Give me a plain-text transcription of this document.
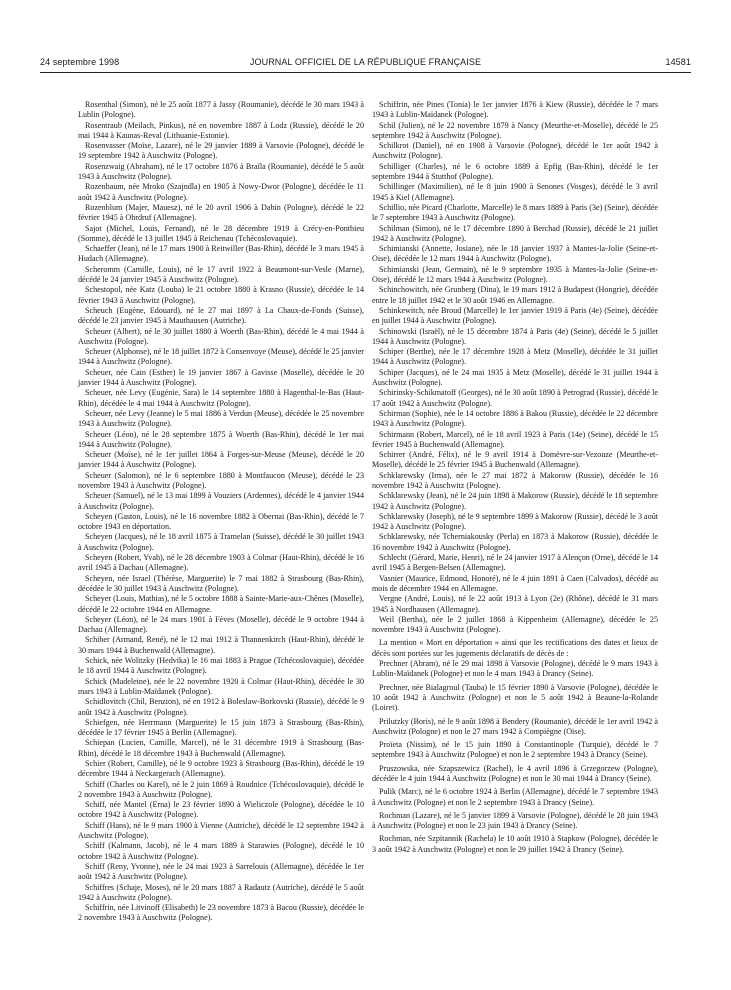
24 septembre 1998	JOURNAL OFFICIEL DE LA RÉPUBLIQUE FRANÇAISE	14581

Rosenthal (Simon), né le 25 août 1877 à Jassy (Roumanie), décédé le 30 mars 1943 à Lublin (Pologne).

Rosentraub (Meilach, Pinkus), né en novembre 1887 à Lodz (Russie), décédé le 20 mai 1944 à Kaunas-Reval (Lithuanie-Estonie).

Rosenvasser (Moïse, Lazare), né le 29 janvier 1889 à Varsovie (Pologne), décédé le 19 septembre 1942 à Auschwitz (Pologne).

Rosenzwaig (Abraham), né le 17 octobre 1876 à Braïla (Roumanie), décédé le 5 août 1943 à Auschwitz (Pologne).

Rozenbaum, née Mroko (Szajndla) en 1905 à Nowy-Dwor (Pologne), décédée le 11 août 1942 à Auschwitz (Pologne).

Rozenblum (Majer, Mauesz), né le 20 avril 1906 à Dabin (Pologne), décédé le 22 février 1945 à Ohrdruf (Allemagne).

Sajot (Michel, Louis, Fernand), né le 28 décembre 1919 à Crécy-en-Ponthieu (Somme), décédé le 13 juillet 1945 à Reichenau (Tchécoslovaquie).

Schaeffer (Jean), né le 17 mars 1900 à Reitwiller (Bas-Rhin), décédé le 3 mars 1945 à Hudach (Allemagne).

Scheromm (Camille, Louis), né le 17 avril 1922 à Beaumont-sur-Vesle (Marne), décédé le 24 janvier 1945 à Auschwitz (Pologne).

Schestopol, née Katz (Louba) le 21 octobre 1880 à Krasno (Russie), décédée le 14 février 1943 à Auschwitz (Pologne).

Scheuch (Eugène, Edouard), né le 27 mai 1897 à La Chaux-de-Fonds (Suisse), décédé le 23 janvier 1945 à Mauthausen (Autriche).

Scheuer (Albert), né le 30 juillet 1880 à Woerth (Bas-Rhin), décédé le 4 mai 1944 à Auschwitz (Pologne).

Scheuer (Alphonse), né le 18 juillet 1872 à Consenvoye (Meuse), décédé le 25 janvier 1944 à Auschwitz (Pologne).

Scheuer, née Cain (Esther) le 19 janvier 1867 à Gavisse (Moselle), décédée le 20 janvier 1944 à Auschwitz (Pologne).

Scheuer, née Levy (Eugénie, Sara) le 14 septembre 1880 à Hagenthal-le-Bas (Haut-Rhin), décédée le 4 mai 1944 à Auschwitz (Pologne).

Scheuer, née Levy (Jeanne) le 5 mai 1886 à Verdun (Meuse), décédée le 25 novembre 1943 à Auschwitz (Pologne).

Scheuer (Léon), né le 28 septembre 1875 à Woerth (Bas-Rhin), décédé le 1er mai 1944 à Auschwitz (Pologne).

Scheuer (Moïse), né le 1er juillet 1864 à Forges-sur-Meuse (Meuse), décédé le 20 janvier 1944 à Auschwitz (Pologne).

Scheuer (Salomon), né le 6 septembre 1880 à Montfaucon (Meuse), décédé le 23 novembre 1943 à Auschwitz (Pologne).

Scheuer (Samuel), né le 13 mai 1899 à Vouziers (Ardennes), décédé le 4 janvier 1944 à Auschwitz (Pologne).

Scheyen (Gaston, Louis), né le 16 novembre 1882 à Obernai (Bas-Rhin), décédé le 7 octobre 1943 en déportation.

Scheyen (Jacques), né le 18 avril 1875 à Tramelan (Suisse), décédé le 30 juillet 1943 à Auschwitz (Pologne).

Scheyen (Robert, Yvah), né le 28 décembre 1903 à Colmar (Haut-Rhin), décédé le 16 avril 1945 à Dachau (Allemagne).

Scheyen, née Israel (Thérèse, Marguerite) le 7 mai 1882 à Strasbourg (Bas-Rhin), décédée le 30 juillet 1943 à Auschwitz (Pologne).

Scheyer (Louis, Mathias), né le 5 octobre 1888 à Sainte-Marie-aux-Chênes (Moselle), décédé le 22 octobre 1944 en Allemagne.

Scheyer (Léon), né le 24 mars 1901 à Fèves (Moselle), décédé le 9 octobre 1944 à Dachau (Allemagne).

Schiber (Armand, René), né le 12 mai 1912 à Thannenkirch (Haut-Rhin), décédé le 30 mars 1944 à Buchenwald (Allemagne).

Schick, née Wolitzky (Hedvika) le 16 mai 1883 à Prague (Tchécoslovaquie), décédée le 18 avril 1944 à Auschwitz (Pologne).

Schick (Madeleine), née le 22 novembre 1920 à Colmar (Haut-Rhin), décédée le 30 mars 1943 à Lublin-Maïdanek (Pologne).

Schidlovitch (Chil, Benzion), né en 1912 à Boleslaw-Borkovski (Russie), décédé le 9 août 1942 à Auschwitz (Pologne).

Schiefgen, née Herrmann (Marguerite) le 15 juin 1873 à Strasbourg (Bas-Rhin), décédée le 17 février 1945 à Berlin (Allemagne).

Schiepan (Lucien, Camille, Marcel), né le 31 décembre 1919 à Strasbourg (Bas-Rhin), décédé le 18 décembre 1943 à Buchenwald (Allemagne).

Schier (Robert, Camille), né le 9 octobre 1923 à Strasbourg (Bas-Rhin), décédé le 19 décembre 1944 à Neckargerach (Allemagne).

Schiff (Charles ou Karel), né le 2 juin 1869 à Roudnice (Tchécoslovaquie), décédé le 2 novembre 1943 à Auschwitz (Pologne).

Schiff, née Mantel (Erna) le 23 février 1890 à Wieliczole (Pologne), décédée le 10 octobre 1942 à Auschwitz (Pologne).

Schiff (Hans), né le 9 mars 1900 à Vienne (Autriche), décédé le 12 septembre 1942 à Auschwitz (Pologne).

Schiff (Kalmann, Jacob), né le 4 mars 1889 à Starawies (Pologne), décédé le 10 octobre 1942 à Auschwitz (Pologne).

Schiff (Reny, Yvonne), née le 24 mai 1923 à Sarrelouis (Allemagne), décédée le 1er août 1942 à Auschwitz (Pologne).

Schiffres (Schaje, Moses), né le 20 mars 1887 à Radautz (Autriche), décédé le 5 août 1942 à Auschwitz (Pologne).

Schiffrin, née Litvinoff (Elisabeth) le 23 novembre 1873 à Bacou (Russie), décédée le 2 novembre 1943 à Auschwitz (Pologne).

Schiffrin, née Pines (Tonia) le 1er janvier 1876 à Kiew (Russie), décédée le 7 mars 1943 à Lublin-Maïdanek (Pologne).

Schil (Julien), né le 22 novembre 1879 à Nancy (Meurthe-et-Moselle), décédé le 25 septembre 1942 à Auschwitz (Pologne).

Schilkrot (Daniel), né en 1908 à Varsovie (Pologne), décédé le 1er août 1942 à Auschwitz (Pologne).

Schilliger (Charles), né le 6 octobre 1889 à Epfig (Bas-Rhin), décédé le 1er septembre 1944 à Stutthof (Pologne).

Schillinger (Maximilien), né le 8 juin 1900 à Senones (Vosges), décédé le 3 avril 1945 à Kiel (Allemagne).

Schillio, née Picard (Charlotte, Marcelle) le 8 mars 1889 à Paris (3e) (Seine), décédée le 7 septembre 1943 à Auschwitz (Pologne).

Schilman (Simon), né le 17 décembre 1890 à Berchad (Russie), décédé le 21 juillet 1942 à Auschwitz (Pologne).

Schimianski (Annette, Josiane), née le 18 janvier 1937 à Mantes-la-Jolie (Seine-et-Oise), décédée le 12 mars 1944 à Auschwitz (Pologne).

Schimianski (Jean, Germain), né le 9 septembre 1935 à Mantes-la-Jolie (Seine-et-Oise), décédé le 12 mars 1944 à Auschwitz (Pologne).

Schinchowitch, née Grunberg (Dina), le 19 mars 1912 à Budapest (Hongrie), décédée entre le 18 juillet 1942 et le 30 août 1946 en Allemagne.

Schinkewitch, née Broud (Marcelle) le 1er janvier 1919 à Paris (4e) (Seine), décédée en juillet 1944 à Auschwitz (Pologne).

Schinowski (Israël), né le 15 décembre 1874 à Paris (4e) (Seine), décédé le 5 juillet 1944 à Auschwitz (Pologne).

Schiper (Berthe), née le 17 décembre 1928 à Metz (Moselle), décédée le 31 juillet 1944 à Auschwitz (Pologne).

Schiper (Jacques), né le 24 mai 1935 à Metz (Moselle), décédé le 31 juillet 1944 à Auschwitz (Pologne).

Schirinsky-Schikmatoff (Georges), né le 30 août 1890 à Petrograd (Russie), décédé le 17 août 1942 à Auschwitz (Pologne).

Schirman (Sophie), née le 14 octobre 1886 à Bakou (Russie), décédée le 22 décembre 1943 à Auschwitz (Pologne).

Schirmann (Robert, Marcel), né le 18 avril 1923 à Paris (14e) (Seine), décédé le 15 février 1945 à Buchenwald (Allemagne).

Schirrer (André, Félix), né le 9 avril 1914 à Domèvre-sur-Vezouze (Meurthe-et-Moselle), décédé le 25 février 1945 à Buchenwald (Allemagne).

Schklarewsky (Irma), née le 27 mai 1872 à Makorow (Russie), décédée le 16 novembre 1942 à Auschwitz (Pologne).

Schklarewsky (Jean), né le 24 juin 1898 à Makorow (Russie), décédé le 18 septembre 1942 à Auschwitz (Pologne).

Schklarewsky (Joseph), né le 9 septembre 1899 à Makorow (Russie), décédé le 3 août 1942 à Auschwitz (Pologne).

Schklarewsky, née Tcherniakousky (Perla) en 1873 à Makorow (Russie), décédée le 16 novembre 1942 à Auschwitz (Pologne).

Schlecht (Gérard, Marie, Henri), né le 24 janvier 1917 à Alençon (Orne), décédé le 14 avril 1945 à Bergen-Belsen (Allemagne).

Vasnier (Maurice, Edmond, Honoré), né le 4 juin 1891 à Caen (Calvados), décédé au mois de décembre 1944 en Allemagne.

Vergne (André, Louis), né le 22 août 1913 à Lyon (2e) (Rhône), décédé le 31 mars 1945 à Nordhausen (Allemagne).

Weil (Bertha), née le 2 juillet 1868 à Kippenheim (Allemagne), décédée le 25 novembre 1943 à Auschwitz (Pologne).

La mention « Mort en déportation » ainsi que les rectifications des dates et lieux de décès sont portées sur les jugements déclaratifs de décès de :

Prechner (Abram), né le 29 mai 1898 à Varsovie (Pologne), décédé le 9 mars 1943 à Lublin-Maïdanek (Pologne) et non le 4 mars 1943 à Drancy (Seine).

Prechner, née Bialagroul (Tauba) le 15 février 1890 à Varsovie (Pologne), décédée le 10 août 1942 à Auschwitz (Pologne) et non le 5 août 1942 à Beaune-la-Rolande (Loiret).

Prilutzky (Boris), né le 9 août 1898 à Bendery (Roumanie), décédé le 1er avril 1942 à Auschwitz (Pologne) et non le 27 mars 1942 à Compiègne (Oise).

Proïeta (Nissim), né le 15 juin 1890 à Constantinople (Turquie), décédé le 7 septembre 1943 à Auschwitz (Pologne) et non le 2 septembre 1943 à Drancy (Seine).

Pruszowska, née Szapszewicz (Rachel), le 4 avril 1896 à Grzegorzew (Pologne), décédée le 4 juin 1944 à Auschwitz (Pologne) et non le 30 mai 1944 à Drancy (Seine).

Pulik (Marc), né le 6 octobre 1924 à Berlin (Allemagne), décédé le 7 septembre 1943 à Auschwitz (Pologne) et non le 2 septembre 1943 à Drancy (Seine).

Rochman (Lazare), né le 5 janvier 1899 à Varsovie (Pologne), décédé le 28 juin 1943 à Auschwitz (Pologne) et non le 23 juin 1943 à Drancy (Seine).

Rochman, née Szpitannik (Rachela) le 10 août 1910 à Stapkow (Pologne), décédée le 3 août 1942 à Auschwitz (Pologne) et non le 29 juillet 1942 à Drancy (Seine).
